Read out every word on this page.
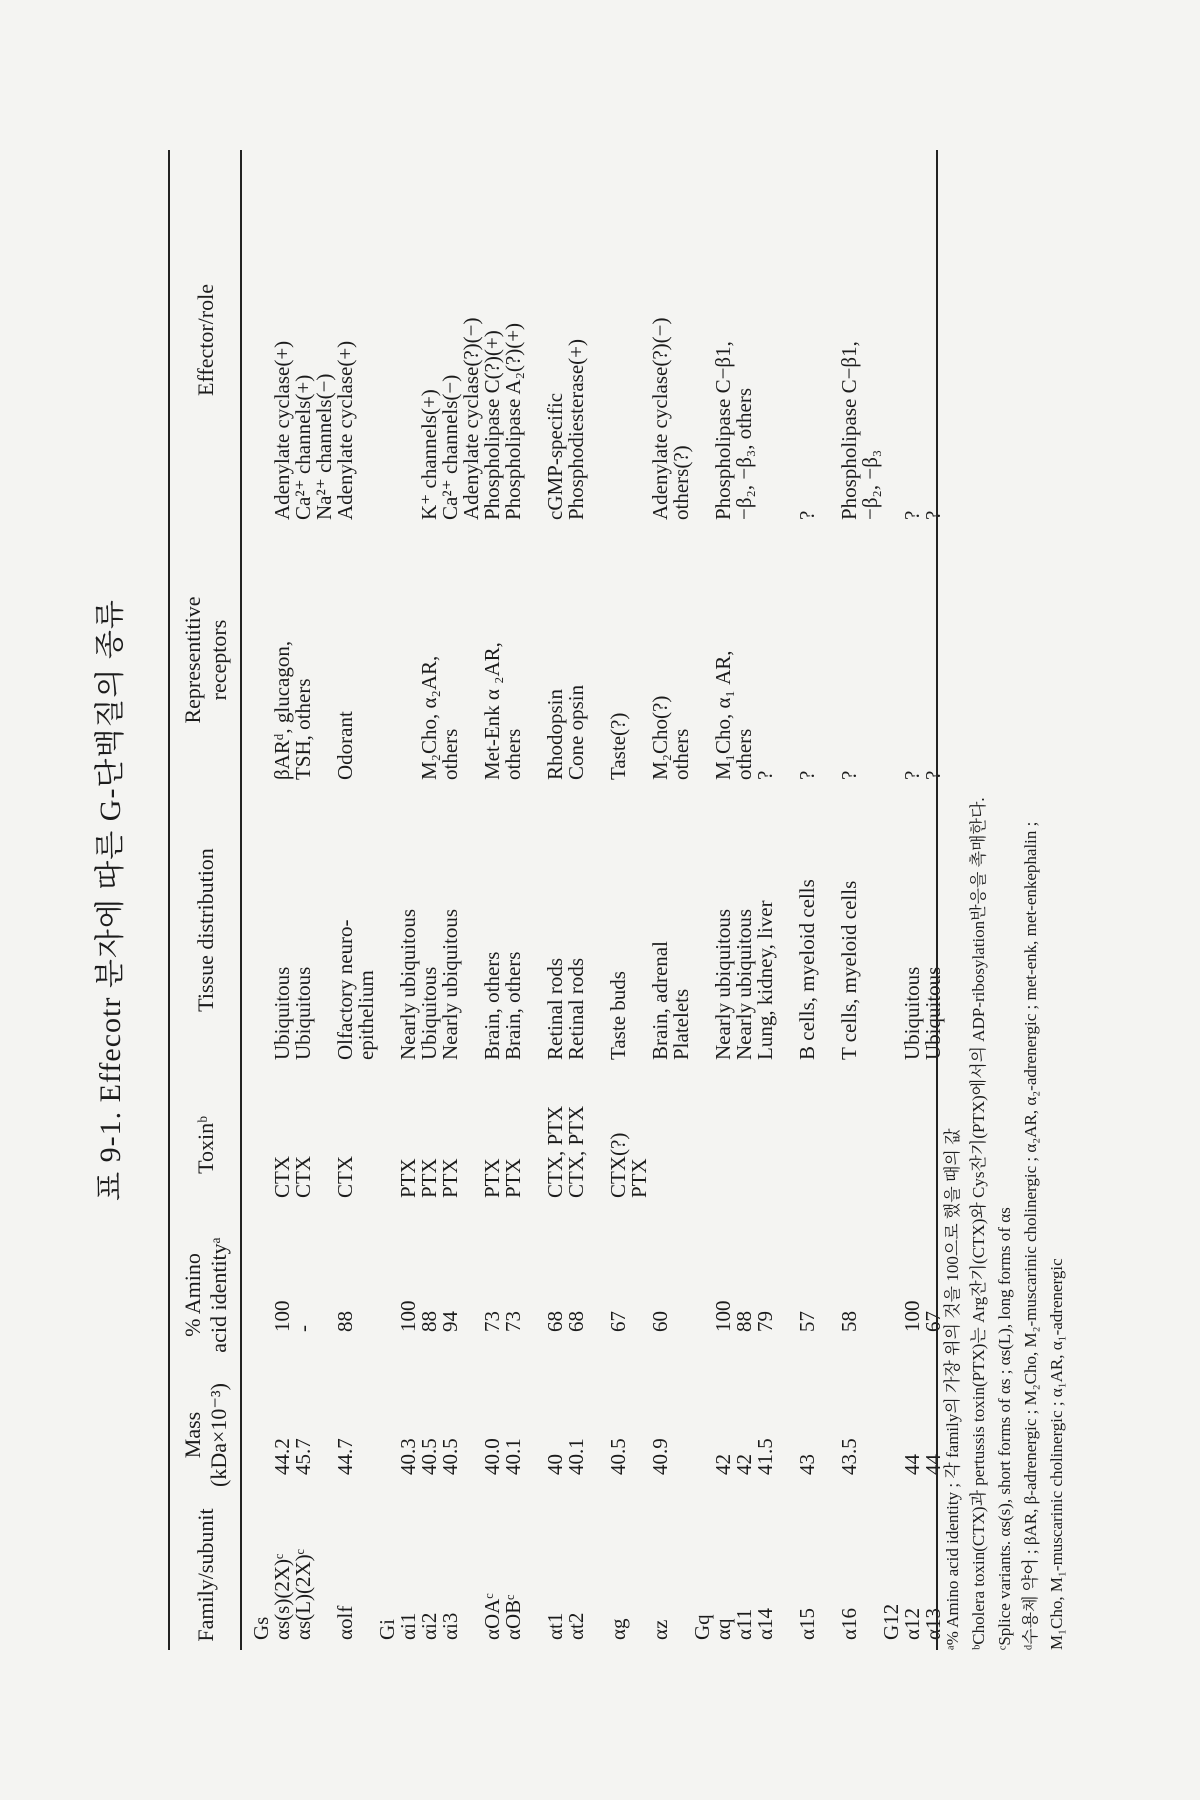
표 9-1. Effecotr 분자에 따른 G-단백질의 종류
Family/subunit
Mass (kDa×10⁻³)
% Amino acid identityᵃ
Toxinᵇ
Tissue distribution
Representitive receptors
Effector/role
Gs
αs(s)(2X)ᶜ
44.2
100
CTX
Ubiquitous
βARᵈ, glucagon,
Adenylate cyclase(+)
αs(L)(2X)ᶜ
45.7
-
CTX
Ubiquitous
TSH, others
Ca²⁺ channels(+)
Na²⁺ channels(−)
αolf
44.7
88
CTX
Olfactory neuro-
Odorant
Adenylate cyclase(+)
epithelium
Gi
αi1
40.3
100
PTX
Nearly ubiquitous
αi2
40.5
88
PTX
Ubiquitous
M₂Cho, α₂AR,
K⁺ channels(+)
αi3
40.5
94
PTX
Nearly ubiquitous
others
Ca²⁺ channels(−)
Adenylate cyclase(?)(−)
αOAᶜ
40.0
73
PTX
Brain, others
Met-Enk α ₂AR,
Phospholipase C(?)(+)
αOBᶜ
40.1
73
PTX
Brain, others
others
Phospholipase A₂(?)(+)
αt1
40
68
CTX, PTX
Retinal rods
Rhodopsin
cGMP-specific
αt2
40.1
68
CTX, PTX
Retinal rods
Cone opsin
Phosphodiesterase(+)
αg
40.5
67
CTX(?)
Taste buds
Taste(?)
PTX
αz
40.9
60
Brain, adrenal
M₂Cho(?)
Adenylate cyclase(?)(−)
Platelets
others
others(?)
Gq
αq
42
100
Nearly ubiquitous
M₁Cho, α₁ AR,
Phospholipase C−β1,
α11
42
88
Nearly ubiquitous
others
−β₂, −β₃, others
α14
41.5
79
Lung, kidney, liver
?
α15
43
57
B cells, myeloid cells
?
?
α16
43.5
58
T cells, myeloid cells
?
Phospholipase C−β1,
−β₂, −β₃
G12
α12
44
100
Ubiquitous
?
?
α13
44
67
Ubiquitous
?
?
ᵃ% Amino acid identity ; 각 family의 가장 위의 것을 100으로 했을 때의 값 ᵇCholera toxin(CTX)과 pertussis toxin(PTX)는 Arg잔기(CTX)와 Cys잔기(PTX)에서의 ADP-ribosylation반응을 촉매한다. ᶜSplice variants. αs(s), short forms of αs ; αs(L), long forms of αs ᵈ수용체 약어 ; βAR, β-adrenergic ; M₂Cho, M₂-muscarinic cholinergic ; α₂AR, α₂-adrenergic ; met-enk, met-enkephalin ; M₁Cho, M₁-muscarinic cholinergic ; α₁AR, α₁-adrenergic
